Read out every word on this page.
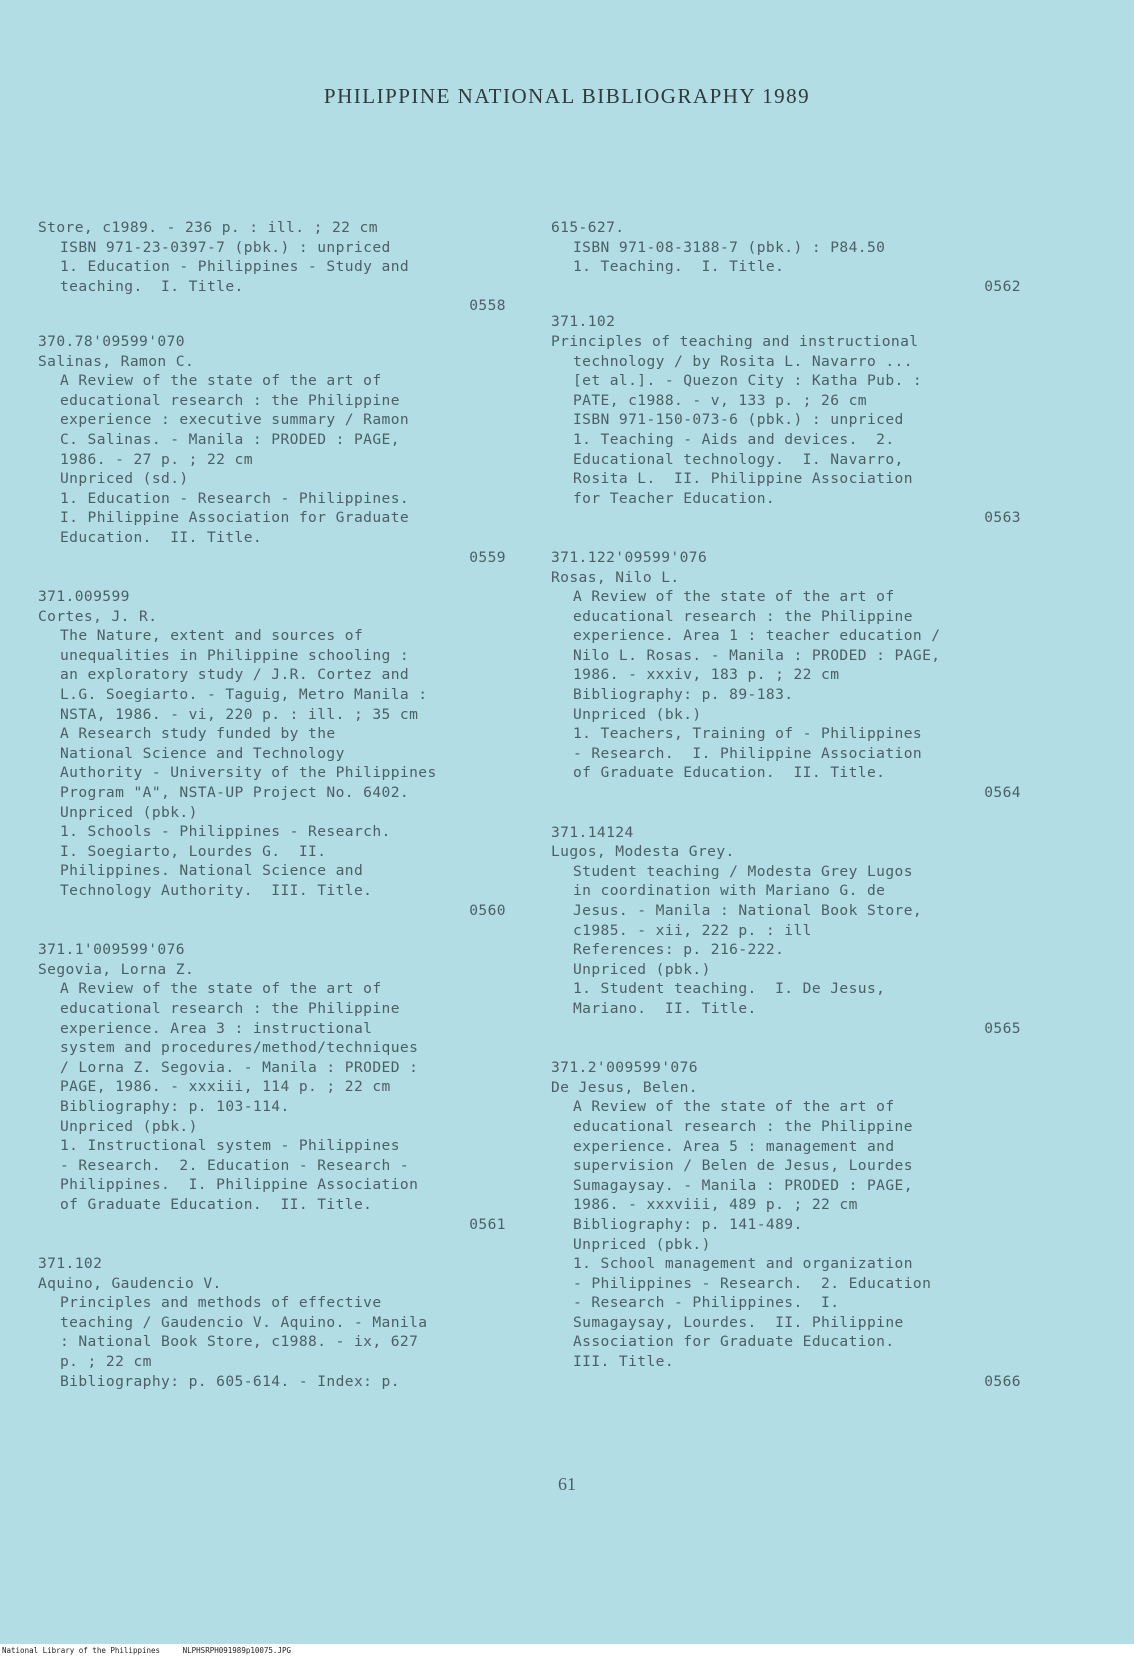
PHILIPPINE NATIONAL BIBLIOGRAPHY 1989
Store, c1989. - 236 p. : ill. ; 22 cm
ISBN 971-23-0397-7 (pbk.) : unpriced
1. Education - Philippines - Study and
teaching.  I. Title.
0558
370.78'09599'070
Salinas, Ramon C.
A Review of the state of the art of
educational research : the Philippine
experience : executive summary / Ramon
C. Salinas. - Manila : PRODED : PAGE,
1986. - 27 p. ; 22 cm
Unpriced (sd.)
1. Education - Research - Philippines.
I. Philippine Association for Graduate
Education.  II. Title.
0559
371.009599
Cortes, J. R.
The Nature, extent and sources of
unequalities in Philippine schooling :
an exploratory study / J.R. Cortez and
L.G. Soegiarto. - Taguig, Metro Manila :
NSTA, 1986. - vi, 220 p. : ill. ; 35 cm
A Research study funded by the
National Science and Technology
Authority - University of the Philippines
Program "A", NSTA-UP Project No. 6402.
Unpriced (pbk.)
1. Schools - Philippines - Research.
I. Soegiarto, Lourdes G.  II.
Philippines. National Science and
Technology Authority.  III. Title.
0560
371.1'009599'076
Segovia, Lorna Z.
A Review of the state of the art of
educational research : the Philippine
experience. Area 3 : instructional
system and procedures/method/techniques
/ Lorna Z. Segovia. - Manila : PRODED :
PAGE, 1986. - xxxiii, 114 p. ; 22 cm
Bibliography: p. 103-114.
Unpriced (pbk.)
1. Instructional system - Philippines
- Research.  2. Education - Research -
Philippines.  I. Philippine Association
of Graduate Education.  II. Title.
0561
371.102
Aquino, Gaudencio V.
Principles and methods of effective
teaching / Gaudencio V. Aquino. - Manila
: National Book Store, c1988. - ix, 627
p. ; 22 cm
Bibliography: p. 605-614. - Index: p.
615-627.
ISBN 971-08-3188-7 (pbk.) : P84.50
1. Teaching.  I. Title.
0562
371.102
Principles of teaching and instructional
technology / by Rosita L. Navarro ...
[et al.]. - Quezon City : Katha Pub. :
PATE, c1988. - v, 133 p. ; 26 cm
ISBN 971-150-073-6 (pbk.) : unpriced
1. Teaching - Aids and devices.  2.
Educational technology.  I. Navarro,
Rosita L.  II. Philippine Association
for Teacher Education.
0563
371.122'09599'076
Rosas, Nilo L.
A Review of the state of the art of
educational research : the Philippine
experience. Area 1 : teacher education /
Nilo L. Rosas. - Manila : PRODED : PAGE,
1986. - xxxiv, 183 p. ; 22 cm
Bibliography: p. 89-183.
Unpriced (bk.)
1. Teachers, Training of - Philippines
- Research.  I. Philippine Association
of Graduate Education.  II. Title.
0564
371.14124
Lugos, Modesta Grey.
Student teaching / Modesta Grey Lugos
in coordination with Mariano G. de
Jesus. - Manila : National Book Store,
c1985. - xii, 222 p. : ill
References: p. 216-222.
Unpriced (pbk.)
1. Student teaching.  I. De Jesus,
Mariano.  II. Title.
0565
371.2'009599'076
De Jesus, Belen.
A Review of the state of the art of
educational research : the Philippine
experience. Area 5 : management and
supervision / Belen de Jesus, Lourdes
Sumagaysay. - Manila : PRODED : PAGE,
1986. - xxxviii, 489 p. ; 22 cm
Bibliography: p. 141-489.
Unpriced (pbk.)
1. School management and organization
- Philippines - Research.  2. Education
- Research - Philippines.  I.
Sumagaysay, Lourdes.  II. Philippine
Association for Graduate Education.
III. Title.
0566
61
National Library of the Philippines     NLPHSRPH091989p10075.JPG
